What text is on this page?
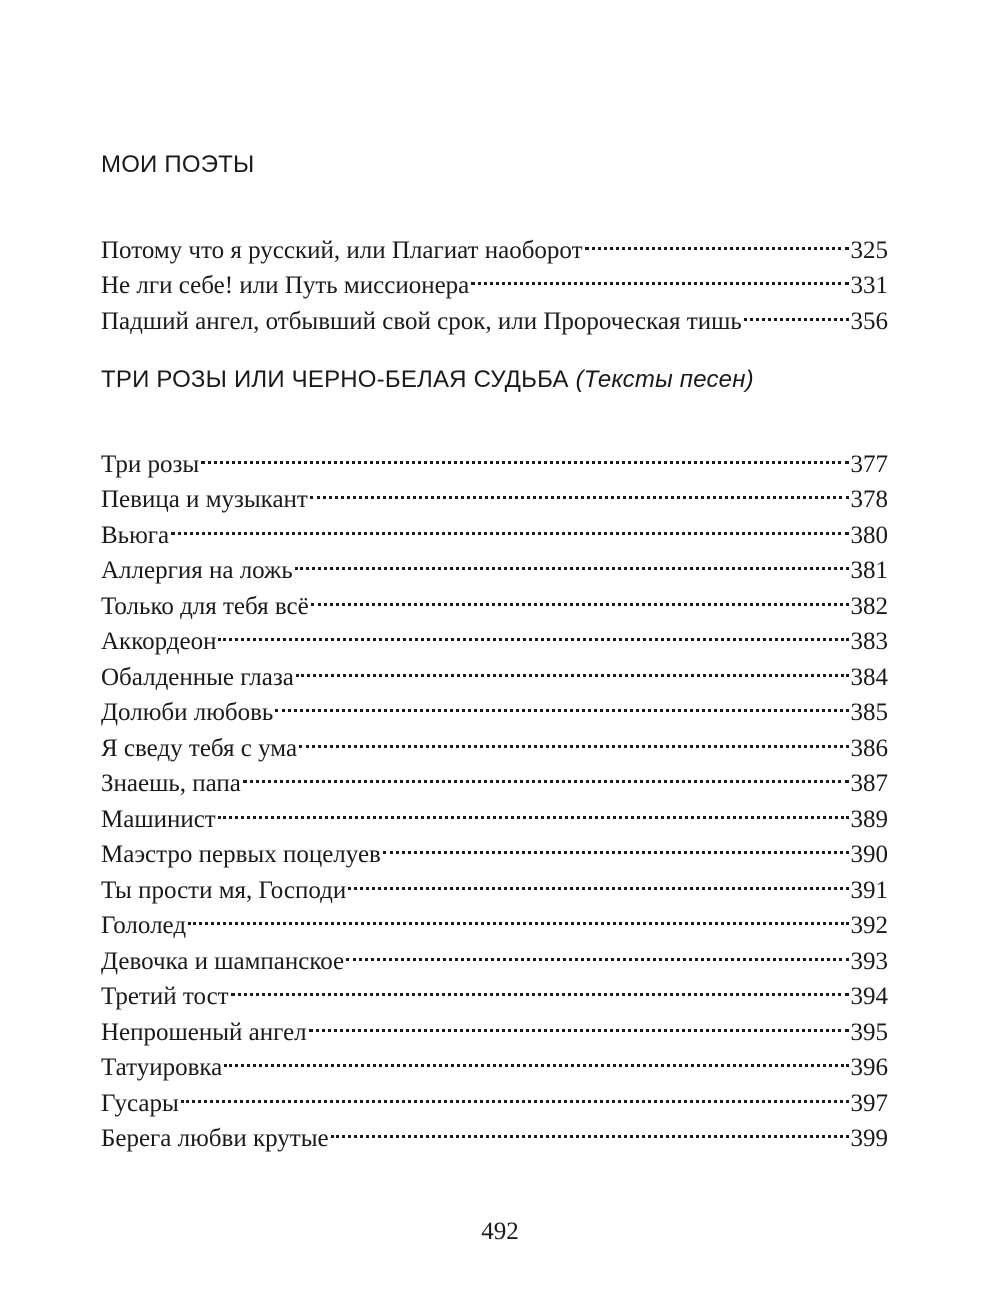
МОИ ПОЭТЫ
Потому что я русский, или Плагиат наоборот	325
Не лги себе! или Путь миссионера	331
Падший ангел, отбывший свой срок, или Пророческая тишь	356
ТРИ РОЗЫ ИЛИ ЧЕРНО-БЕЛАЯ СУДЬБА (Тексты песен)
Три розы	377
Певица и музыкант	378
Вьюга	380
Аллергия на ложь	381
Только для тебя всё	382
Аккордеон	383
Обалденные глаза	384
Долюби любовь	385
Я сведу тебя с ума	386
Знаешь, папа	387
Машинист	389
Маэстро первых поцелуев	390
Ты прости мя, Господи	391
Гололед	392
Девочка и шампанское	393
Третий тост	394
Непрошеный ангел	395
Татуировка	396
Гусары	397
Берега любви крутые	399
492
